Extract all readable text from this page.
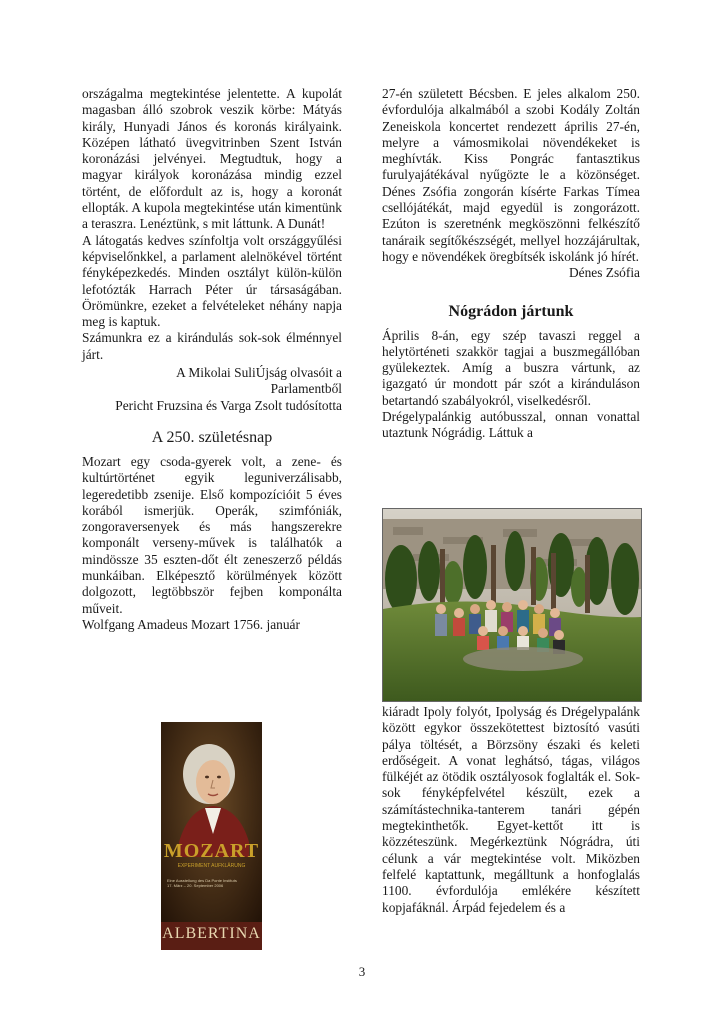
országalma megtekintése jelentette. A kupolát magasban álló szobrok veszik körbe: Mátyás király, Hunyadi János és koronás királyaink. Középen látható üvegvitrinben Szent István koronázási jelvényei. Megtudtuk, hogy a magyar királyok koronázása mindig ezzel történt, de előfordult az is, hogy a koronát ellopták. A kupola megtekintése után kimentünk a teraszra. Lenéztünk, s mit láttunk. A Dunát!

A látogatás kedves színfoltja volt országgyűlési képviselőnkkel, a parlament alelnökével történt fényképezkedés. Minden osztályt külön-külön lefotózták Harrach Péter úr társaságában. Örömünkre, ezeket a felvételeket néhány napja meg is kaptuk.

Számunkra ez a kirándulás sok-sok élménnyel járt.

A Mikolai SuliÚjság olvasóit a

Parlamentből

Pericht Fruzsina és Varga Zsolt tudósította

A 250. születésnap

Mozart egy csoda-gyerek volt, a zene- és kultúrtörténet egyik leguniverzálisabb, legeredetibb zsenije. Első kompozícióit 5 éves korából ismerjük. Operák, szimfóniák, zongoraversenyek és más hangszerekre komponált verseny-művek is találhatók a mindössze 35 eszten-dőt élt zeneszerző példás munkáiban. Elképesztő körülmények között dolgozott, legtöbbször fejben komponálta műveit.

Wolfgang Amadeus Mozart 1756. január

27-én született Bécsben. E jeles alkalom 250. évfordulója alkalmából a szobi Kodály Zoltán Zeneiskola koncertet rendezett április 27-én, melyre a vámosmikolai növendékeket is meghívták. Kiss Pongrác fantasztikus furulyajátékával nyűgözte le a közönséget. Dénes Zsófia zongorán kísérte Farkas Tímea csellójátékát, majd egyedül is zongorázott. Ezúton is szeretnénk megköszönni felkészítő tanáraik segítőkészségét, mellyel hozzájárultak, hogy e növendékek öregbítsék iskolánk jó hírét.

Dénes Zsófia

Nógrádon jártunk

Április 8-án, egy szép tavaszi reggel a helytörténeti szakkör tagjai a buszmegállóban gyülekeztek. Amíg a buszra vártunk, az igazgató úr mondott pár szót a kiránduláson betartandó szabályokról, viselkedésről.

Drégelypalánkig autóbusszal, onnan vonattal utaztunk Nógrádig. Láttuk a

kiáradt Ipoly folyót, Ipolyság és Drégelypalánk között egykor összekötettest biztosító vasúti pálya töltését, a Börzsöny északi és keleti erdőségeit. A vonat leghátsó, tágas, világos fülkéjét az ötödik osztályosok foglalták el. Sok-sok fényképfelvétel készült, ezek a számítástechnika-tanterem tanári gépén megtekinthetők. Egyet-kettőt itt is közzéteszünk. Megérkeztünk Nógrádra, úti célunk a vár megtekintése volt. Miközben felfelé kaptattunk, megálltunk a honfoglalás 1100. évfordulója emlékére készített kopjafáknál. Árpád fejedelem és a

MOZART
EXPERIMENT AUFKLÄRUNG
Eine Ausstellung des Da Ponte Instituts
17. März – 20. September 2006
ALBERTINA
3
